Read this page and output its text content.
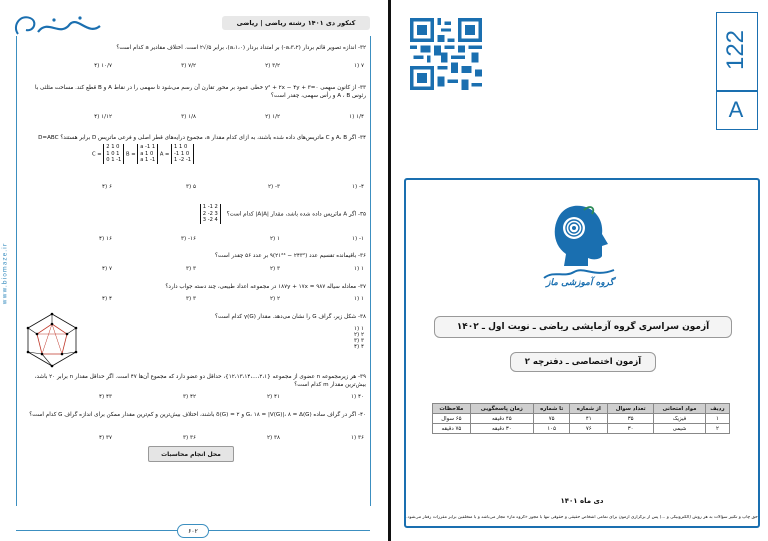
کنکور دی ۱۴۰۱ رشته ریاضی | ریاضی
www.biomaze.ir
۳۲- اندازه تصویر قائم بردار (۲،a،۳-) بر امتداد بردار (۰،a،۱)، برابر ۵/√۲ است. اختلاف مقادیر a کدام است؟
۷ (۱
۳/۲ (۲
۷/۲ (۳
۱۰/۷ (۴
۳۳- از کانون سهمی ۰=y² + ۲x − ۴y + ۳ خطی عمود بر محور تقارن آن رسم می‌شود تا سهمی را در نقاط A و B قطع کند. مساحت مثلثی با رئوس A ، B و رأس سهمی، چقدر است؟
۱/۴ (۱
۱/۲ (۲
۱/۸ (۳
۱/۱۲ (۴
۳۴- اگر A، B و C ماتریس‌های داده شده باشند، به ازای کدام مقدار a، مجموع درایه‌های قطر اصلی و فرعی ماتریس D برابر هستند؟ D=ABC
C = 2 1 0
1 0 1
0 1 -1 B = a -1 1
a 1 0
a 1 -1 A = 1 1 0
-1 1 0
1 -2 -1
۴- (۱
۳- (۲
۵ (۳
۶ (۴
۳۵- اگر A ماتریس داده شده باشد، مقدار |A|A| کدام است؟ 1 -1 2
2 -2 3
3 -2 4
۱- (۱
۱ (۲
۱۶- (۳
۱۶ (۴
۳۶- باقیمانده تقسیم عدد (۲۴۳² − ۲۱²⁴)۹ بر عدد ۵۶ چقدر است؟
۱ (۱
۳ (۲
۳ (۳
۷ (۴
۳۷- معادله سیاله ۹۸۷ = ۱۸۷y + ۱۷x در مجموعه اعداد طبیعی، چند دسته جواب دارد؟
۱ (۱
۲ (۲
۳ (۳
۴ (۴
۳۸- شکل زیر، گراف G را نشان می‌دهد. مقدار γ(G) کدام است؟
۱ (۱
۲ (۲
۳ (۳
۴ (۴
۳۹- هر زیرمجموعه n عضوی از مجموعه {۲،۱،...،۱۲،۱۳،۱۴}، حداقل دو عضو دارد که مجموع آن‌ها ۴۷ است. اگر حداقل مقدار n برابر ۲۰ باشد، بیش‌ترین مقدار m کدام است؟
۴۰ (۱
۴۱ (۲
۴۲ (۳
۴۳ (۴
۴۰- اگر در گراف ساده G، ۱۸ = |V(G)|، ۸ = Δ(G) و ۲ = δ(G) باشند، اختلاف بیش‌ترین و کم‌ترین مقدار ممکن برای اندازه گراف G کدام است؟
۳۶ (۱
۳۸ (۲
۳۶ (۳
۳۷ (۴
محل انجام محاسبات
۶۰۲
122
A
گروه آموزشی ماز
آزمون سراسری گروه آزمایشی ریاضی ـ نوبت اول ـ ۱۴۰۲
آزمون اختصاصی ـ دفترچه ۲
ردیف	مواد امتحانی	تعداد سوال	از شماره	تا شماره	زمان پاسخگویی	ملاحظات
۱	فیزیک	۳۵	۴۱	۷۵	۴۵ دقیقه	۶۵ سوال
۲	شیمی	۳۰	۷۶	۱۰۵	۳۰ دقیقه	۷۵ دقیقه
دی ماه ۱۴۰۱
حق چاپ و تکثیر سؤالات به هر روش (الکترونیکی و ...) پس از برگزاری آزمون برای تمامی اشخاص حقیقی و حقوقی تنها با مجوز «گروه ماز» مجاز می‌باشد و با متخلفین برابر مقررات رفتار می‌شود.
